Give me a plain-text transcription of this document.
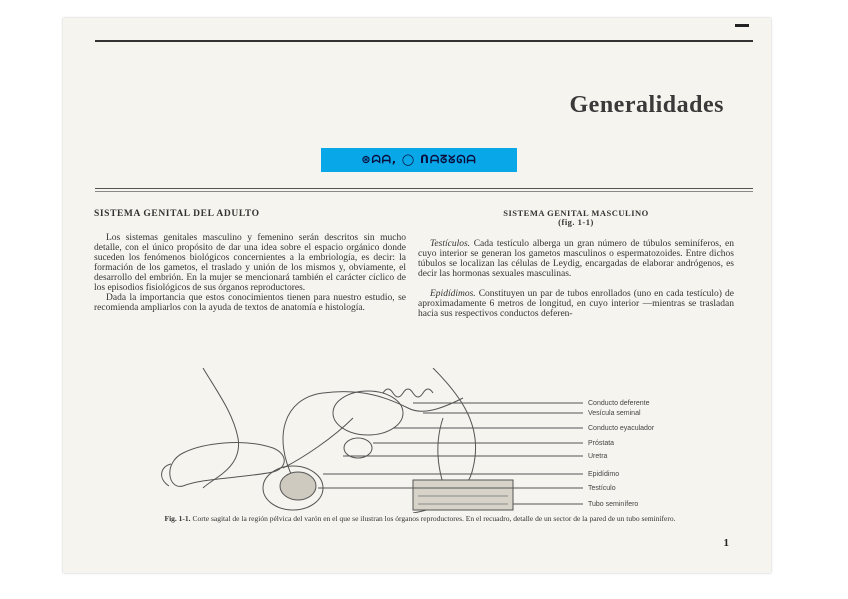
Generalidades
⊛ᗣᗩ, ◯ ᑎᗩᘔᘜᘏᗩ
SISTEMA GENITAL DEL ADULTO

Los sistemas genitales masculino y femenino serán descritos sin mucho detalle, con el único propósito de dar una idea sobre el espacio orgánico donde suceden los fenómenos biológicos concernientes a la embriología, es decir: la formación de los gametos, el traslado y unión de los mismos y, obviamente, el desarrollo del embrión. En la mujer se mencionará también el carácter cíclico de los episodios fisiológicos de sus órganos reproductores.

Dada la importancia que estos conocimientos tienen para nuestro estudio, se recomienda ampliarlos con la ayuda de textos de anatomía e histología.

SISTEMA GENITAL MASCULINO
(fig. 1-1)

Testículos. Cada testículo alberga un gran número de túbulos seminíferos, en cuyo interior se generan los gametos masculinos o espermatozoides. Entre dichos túbulos se localizan las células de Leydig, encargadas de elaborar andrógenos, es decir las hormonas sexuales masculinas.

Epidídimos. Constituyen un par de tubos enrollados (uno en cada testículo) de aproximadamente 6 metros de longitud, en cuyo interior —mientras se trasladan hacia sus respectivos conductos deferen-

Conducto deferente
Vesícula seminal
Conducto eyaculador
Próstata
Uretra
Epidídimo
Testículo
Tubo seminífero
Fig. 1-1. Corte sagital de la región pélvica del varón en el que se ilustran los órganos reproductores. En el recuadro, detalle de un sector de la pared de un tubo seminífero.
1
